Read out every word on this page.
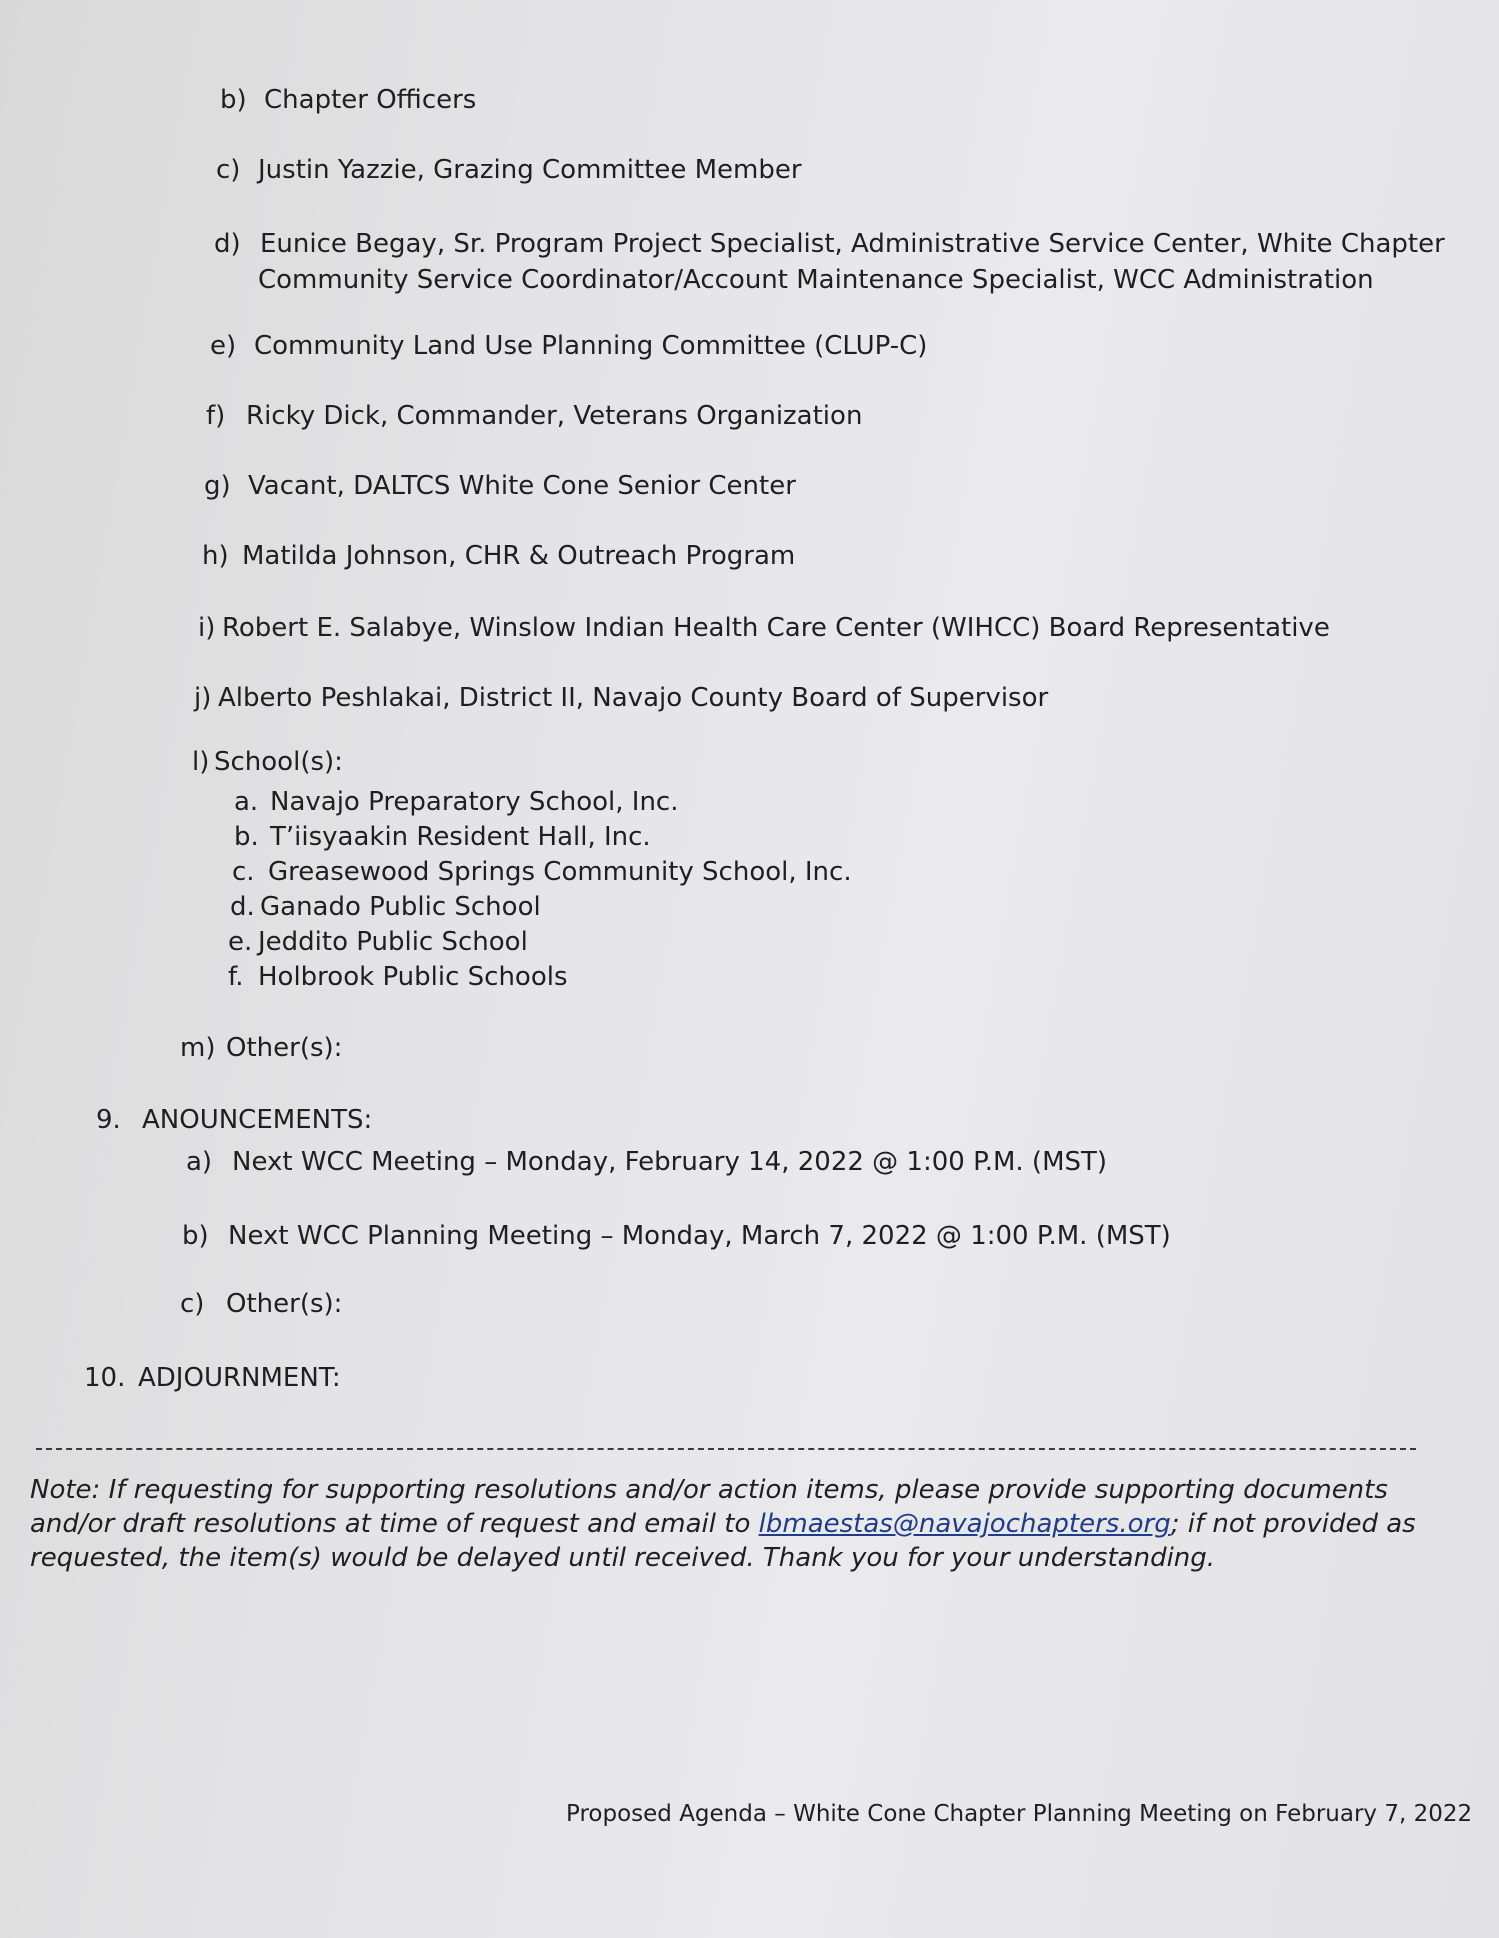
b) Chapter Officers
c) Justin Yazzie, Grazing Committee Member
d) Eunice Begay, Sr. Program Project Specialist, Administrative Service Center, White Chapter
Community Service Coordinator/Account Maintenance Specialist, WCC Administration
e) Community Land Use Planning Committee (CLUP-C)
f) Ricky Dick, Commander, Veterans Organization
g) Vacant, DALTCS White Cone Senior Center
h) Matilda Johnson, CHR & Outreach Program
i) Robert E. Salabye, Winslow Indian Health Care Center (WIHCC) Board Representative
j) Alberto Peshlakai, District II, Navajo County Board of Supervisor
l) School(s):
a. Navajo Preparatory School, Inc.
b. T’iisyaakin Resident Hall, Inc.
c. Greasewood Springs Community School, Inc.
d. Ganado Public School
e. Jeddito Public School
f. Holbrook Public Schools
m) Other(s):
9. ANOUNCEMENTS:
a) Next WCC Meeting – Monday, February 14, 2022 @ 1:00 P.M. (MST)
b) Next WCC Planning Meeting – Monday, March 7, 2022 @ 1:00 P.M. (MST)
c) Other(s):
10. ADJOURNMENT:
Note: If requesting for supporting resolutions and/or action items, please provide supporting documents
and/or draft resolutions at time of request and email to lbmaestas@navajochapters.org; if not provided as
requested, the item(s) would be delayed until received. Thank you for your understanding.
Proposed Agenda – White Cone Chapter Planning Meeting on February 7, 2022
